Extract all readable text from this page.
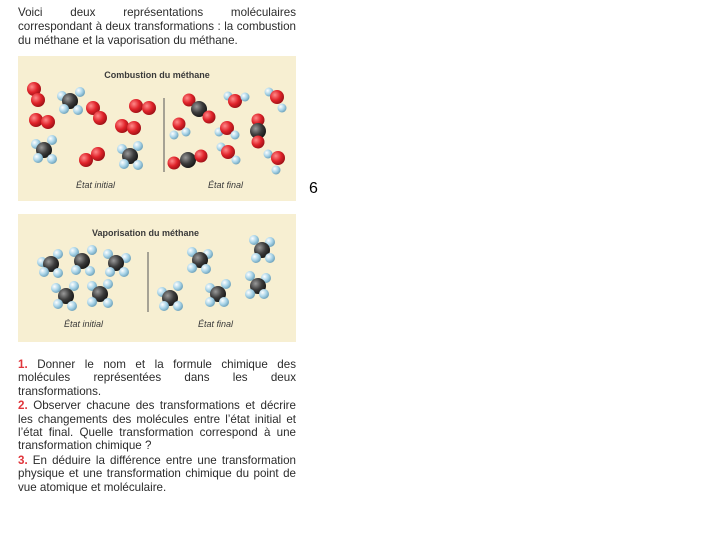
Voici deux représentations moléculaires correspondant à deux transformations : la combustion du méthane et la vaporisation du méthane.
Combustion du méthane
État initial	État final
Vaporisation du méthane
État initial	État final

1. Donner le nom et la formule chimique des molécules représentées dans les deux transformations.

2. Observer chacune des transformations et décrire les changements des molécules entre l’état initial et l’état final. Quelle transformation correspond à une transformation chimique ?

3. En déduire la différence entre une transformation physique et une transformation chimique du point de vue atomique et moléculaire.

6
